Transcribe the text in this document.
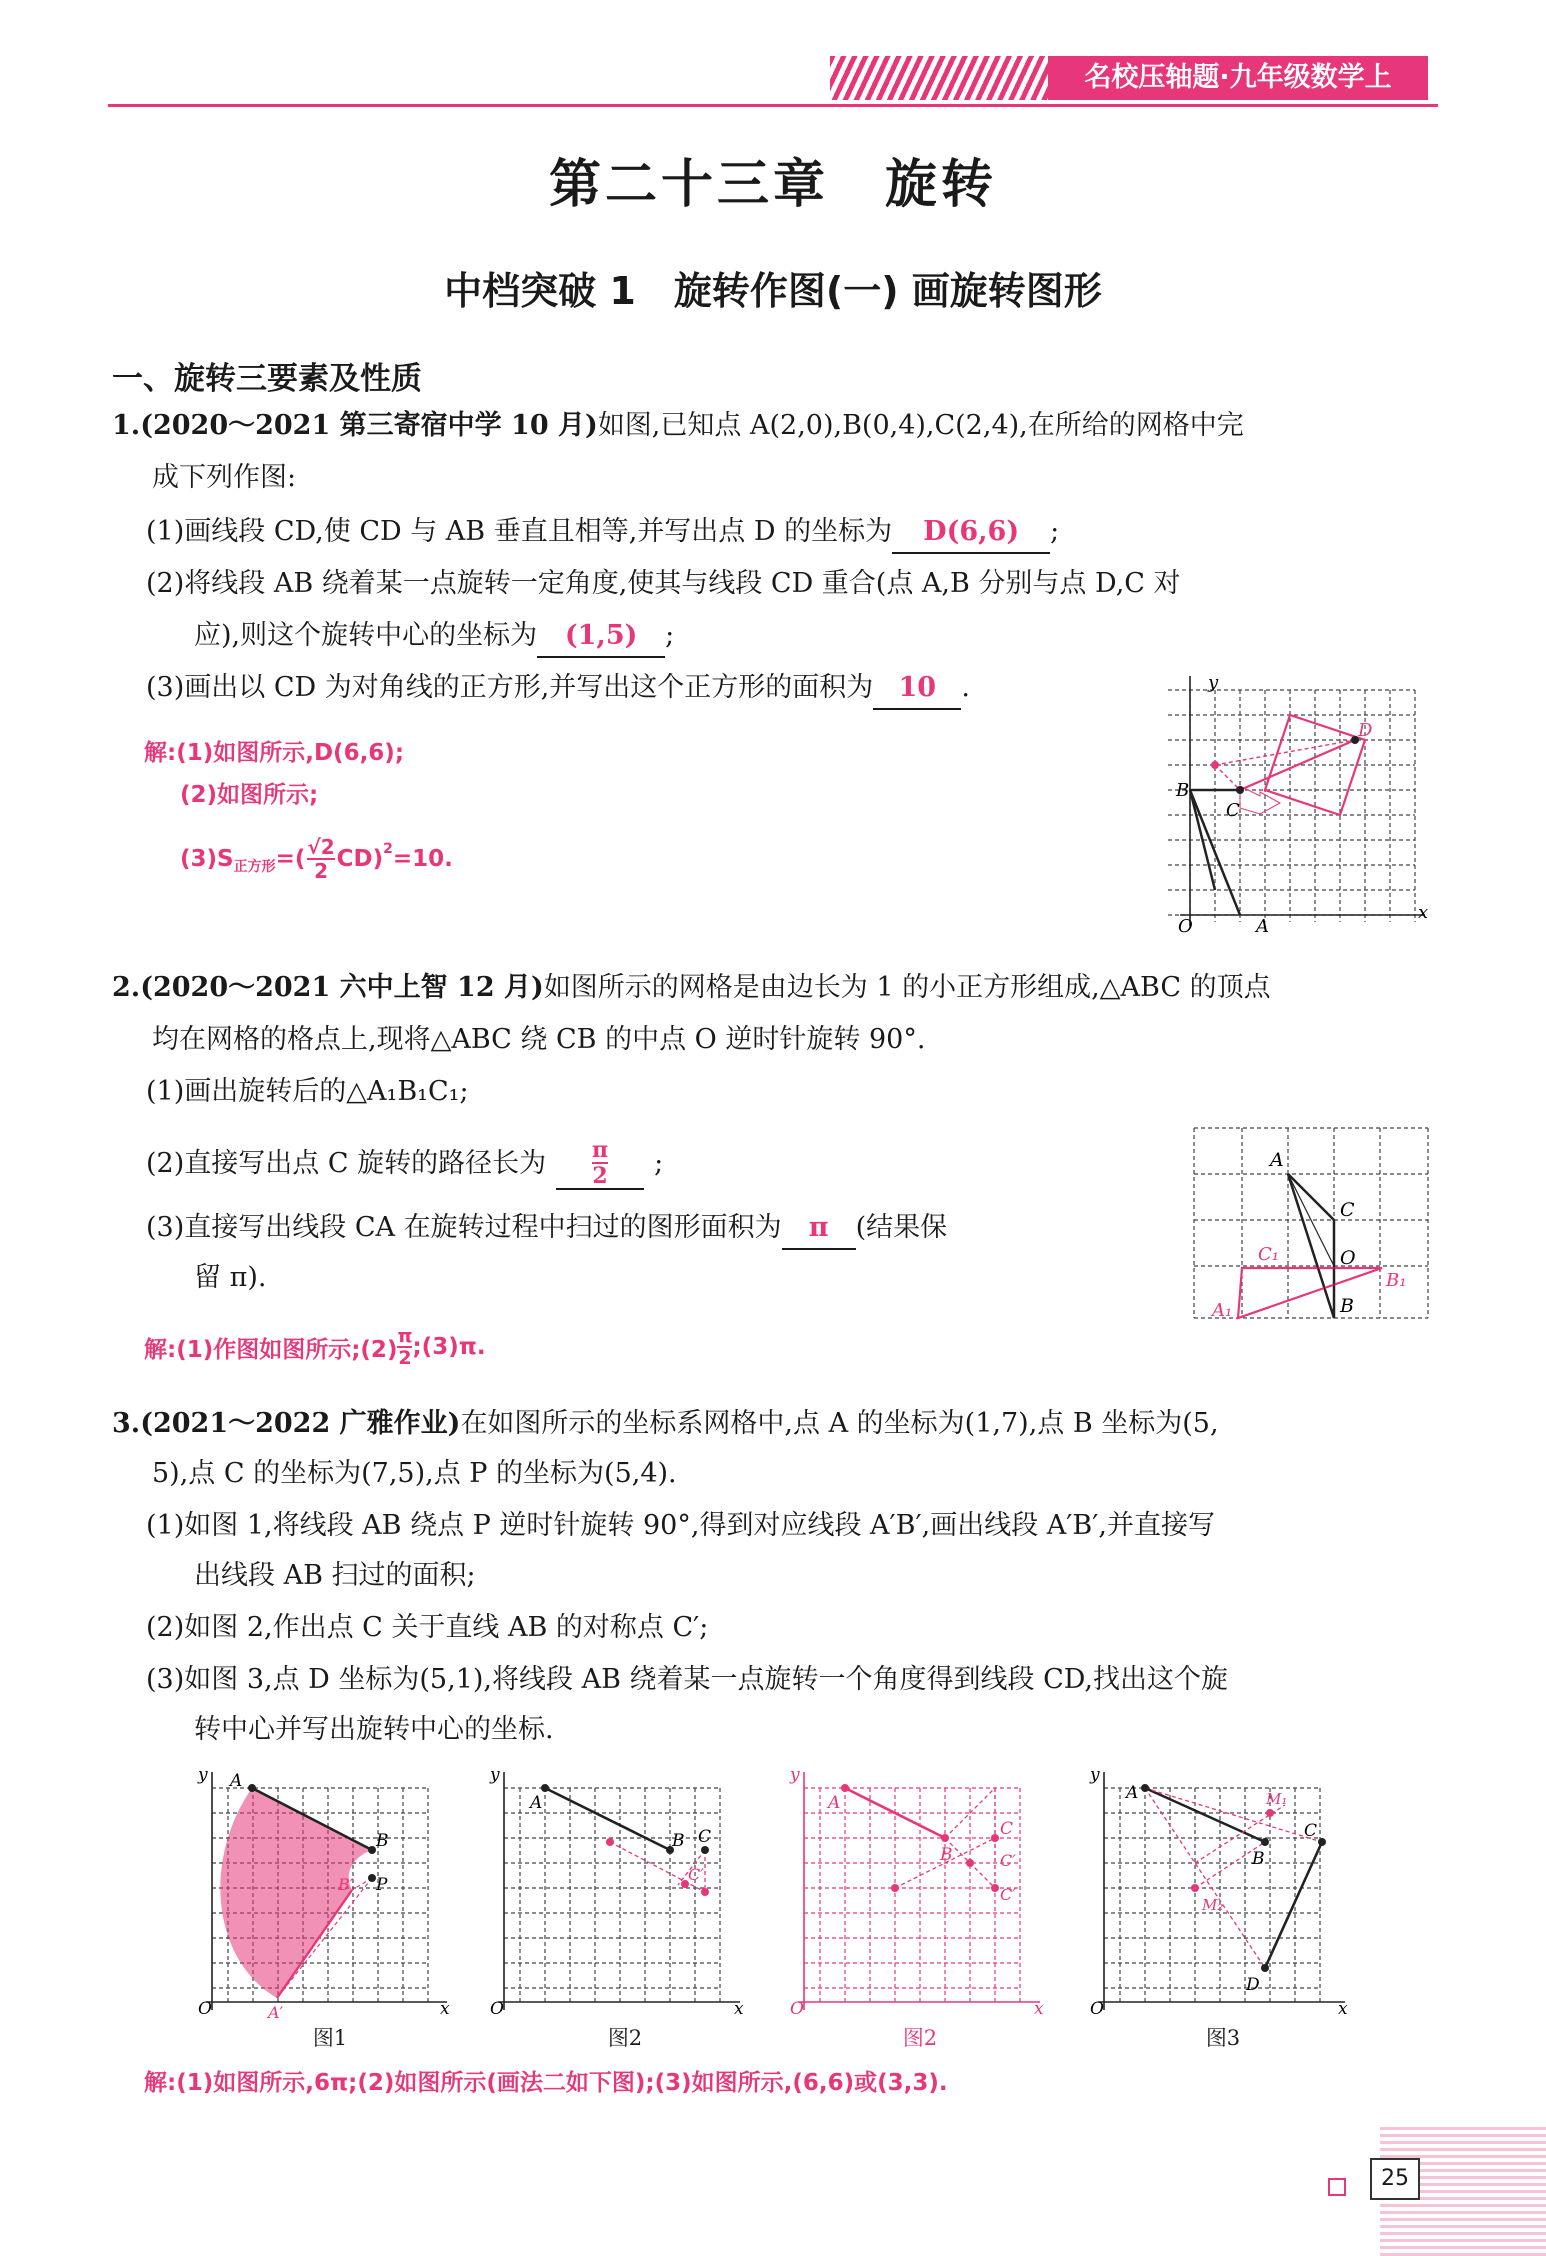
名校压轴题·九年级数学上
第二十三章　旋转
中档突破 1　旋转作图(一) 画旋转图形
一、旋转三要素及性质
1.(2020～2021 第三寄宿中学 10 月)如图,已知点 A(2,0),B(0,4),C(2,4),在所给的网格中完
成下列作图:
(1)画线段 CD,使 CD 与 AB 垂直且相等,并写出点 D 的坐标为 D(6,6) ;
(2)将线段 AB 绕着某一点旋转一定角度,使其与线段 CD 重合(点 A,B 分别与点 D,C 对
应),则这个旋转中心的坐标为 (1,5) ;
(3)画出以 CD 为对角线的正方形,并写出这个正方形的面积为 10 .
解:(1)如图所示,D(6,6);
(2)如图所示;
(3)S 正方形 =( √2
2 CD) 2 =10.
y
x
O	A
B
C
D
2.(2020～2021 六中上智 12 月)如图所示的网格是由边长为 1 的小正方形组成,△ABC 的顶点
均在网格的格点上,现将△ABC 绕 CB 的中点 O 逆时针旋转 90°.
(1)画出旋转后的△A₁B₁C₁;
(2)直接写出点 C 旋转的路径长为 π
2 ;
(3)直接写出线段 CA 在旋转过程中扫过的图形面积为 π (结果保
留 π).
解:(1)作图如图所示;(2)
π
2 ;(3)π.
A
C
O
C₁
B₁
A₁	B
3.(2021～2022 广雅作业)在如图所示的坐标系网格中,点 A 的坐标为(1,7),点 B 坐标为(5,
5),点 C 的坐标为(7,5),点 P 的坐标为(5,4).
(1)如图 1,将线段 AB 绕点 P 逆时针旋转 90°,得到对应线段 A′B′,画出线段 A′B′,并直接写
出线段 AB 扫过的面积;
(2)如图 2,作出点 C 关于直线 AB 的对称点 C′;
(3)如图 3,点 D 坐标为(5,1),将线段 AB 绕着某一点旋转一个角度得到线段 CD,找出这个旋
转中心并写出旋转中心的坐标.
y
x
O
A
B
P
B′
A′
y
x
O
A
B C
C′
y
x
O
A
B
C
C′
C′
y
x
O
A
B
C
D
M₁
M₂
图1	图2	图2	图3
解:(1)如图所示,6π;(2)如图所示(画法二如下图);(3)如图所示,(6,6)或(3,3).
25
